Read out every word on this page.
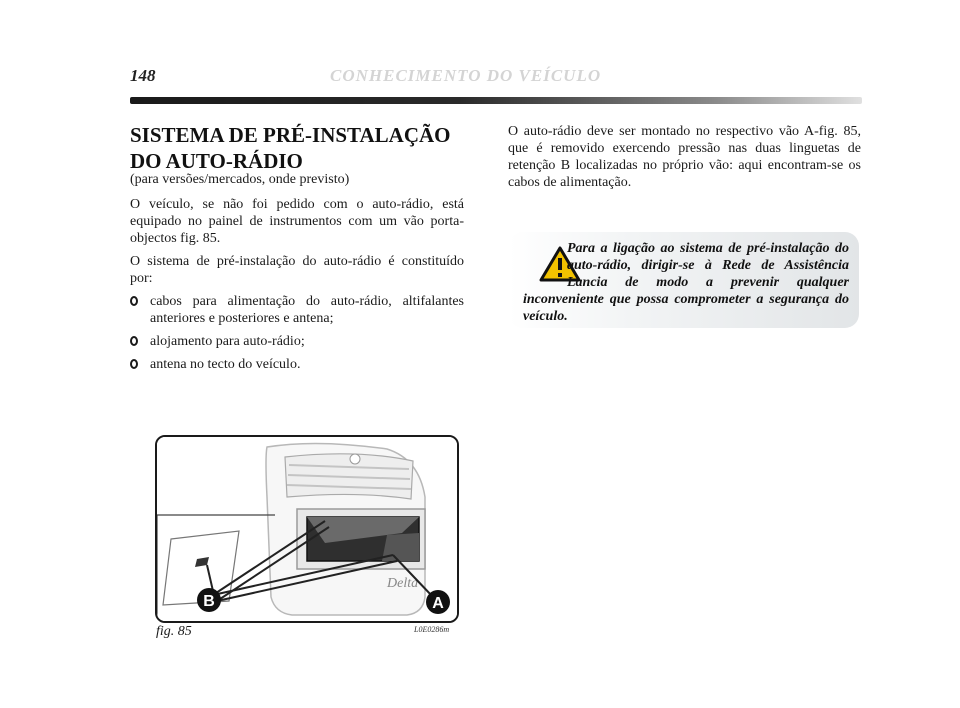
148	CONHECIMENTO DO VEÍCULO
SISTEMA DE PRÉ-INSTALAÇÃO
DO AUTO-RÁDIO
(para versões/mercados, onde previsto)

O veículo, se não foi pedido com o auto-rádio, está equipado no painel de instrumentos com um vão porta-objectos fig. 85.

O sistema de pré-instalação do auto-rádio é constituído por:

cabos para alimentação do auto-rádio, altifalantes anteriores e posteriores e antena;
alojamento para auto-rádio;
antena no tecto do veículo.

O auto-rádio deve ser montado no respectivo vão A-fig. 85, que é removido exercendo pressão nas duas linguetas de retenção B localizadas no próprio vão: aqui encontram-se os cabos de alimentação.

Para a ligação ao sistema de pré-instalação do auto-rádio, dirigir-se à Rede de Assistência Lancia de modo a prevenir qualquer inconveniente que possa comprometer a segurança do veículo.
Delta
B	A
fig. 85	L0E0286m
